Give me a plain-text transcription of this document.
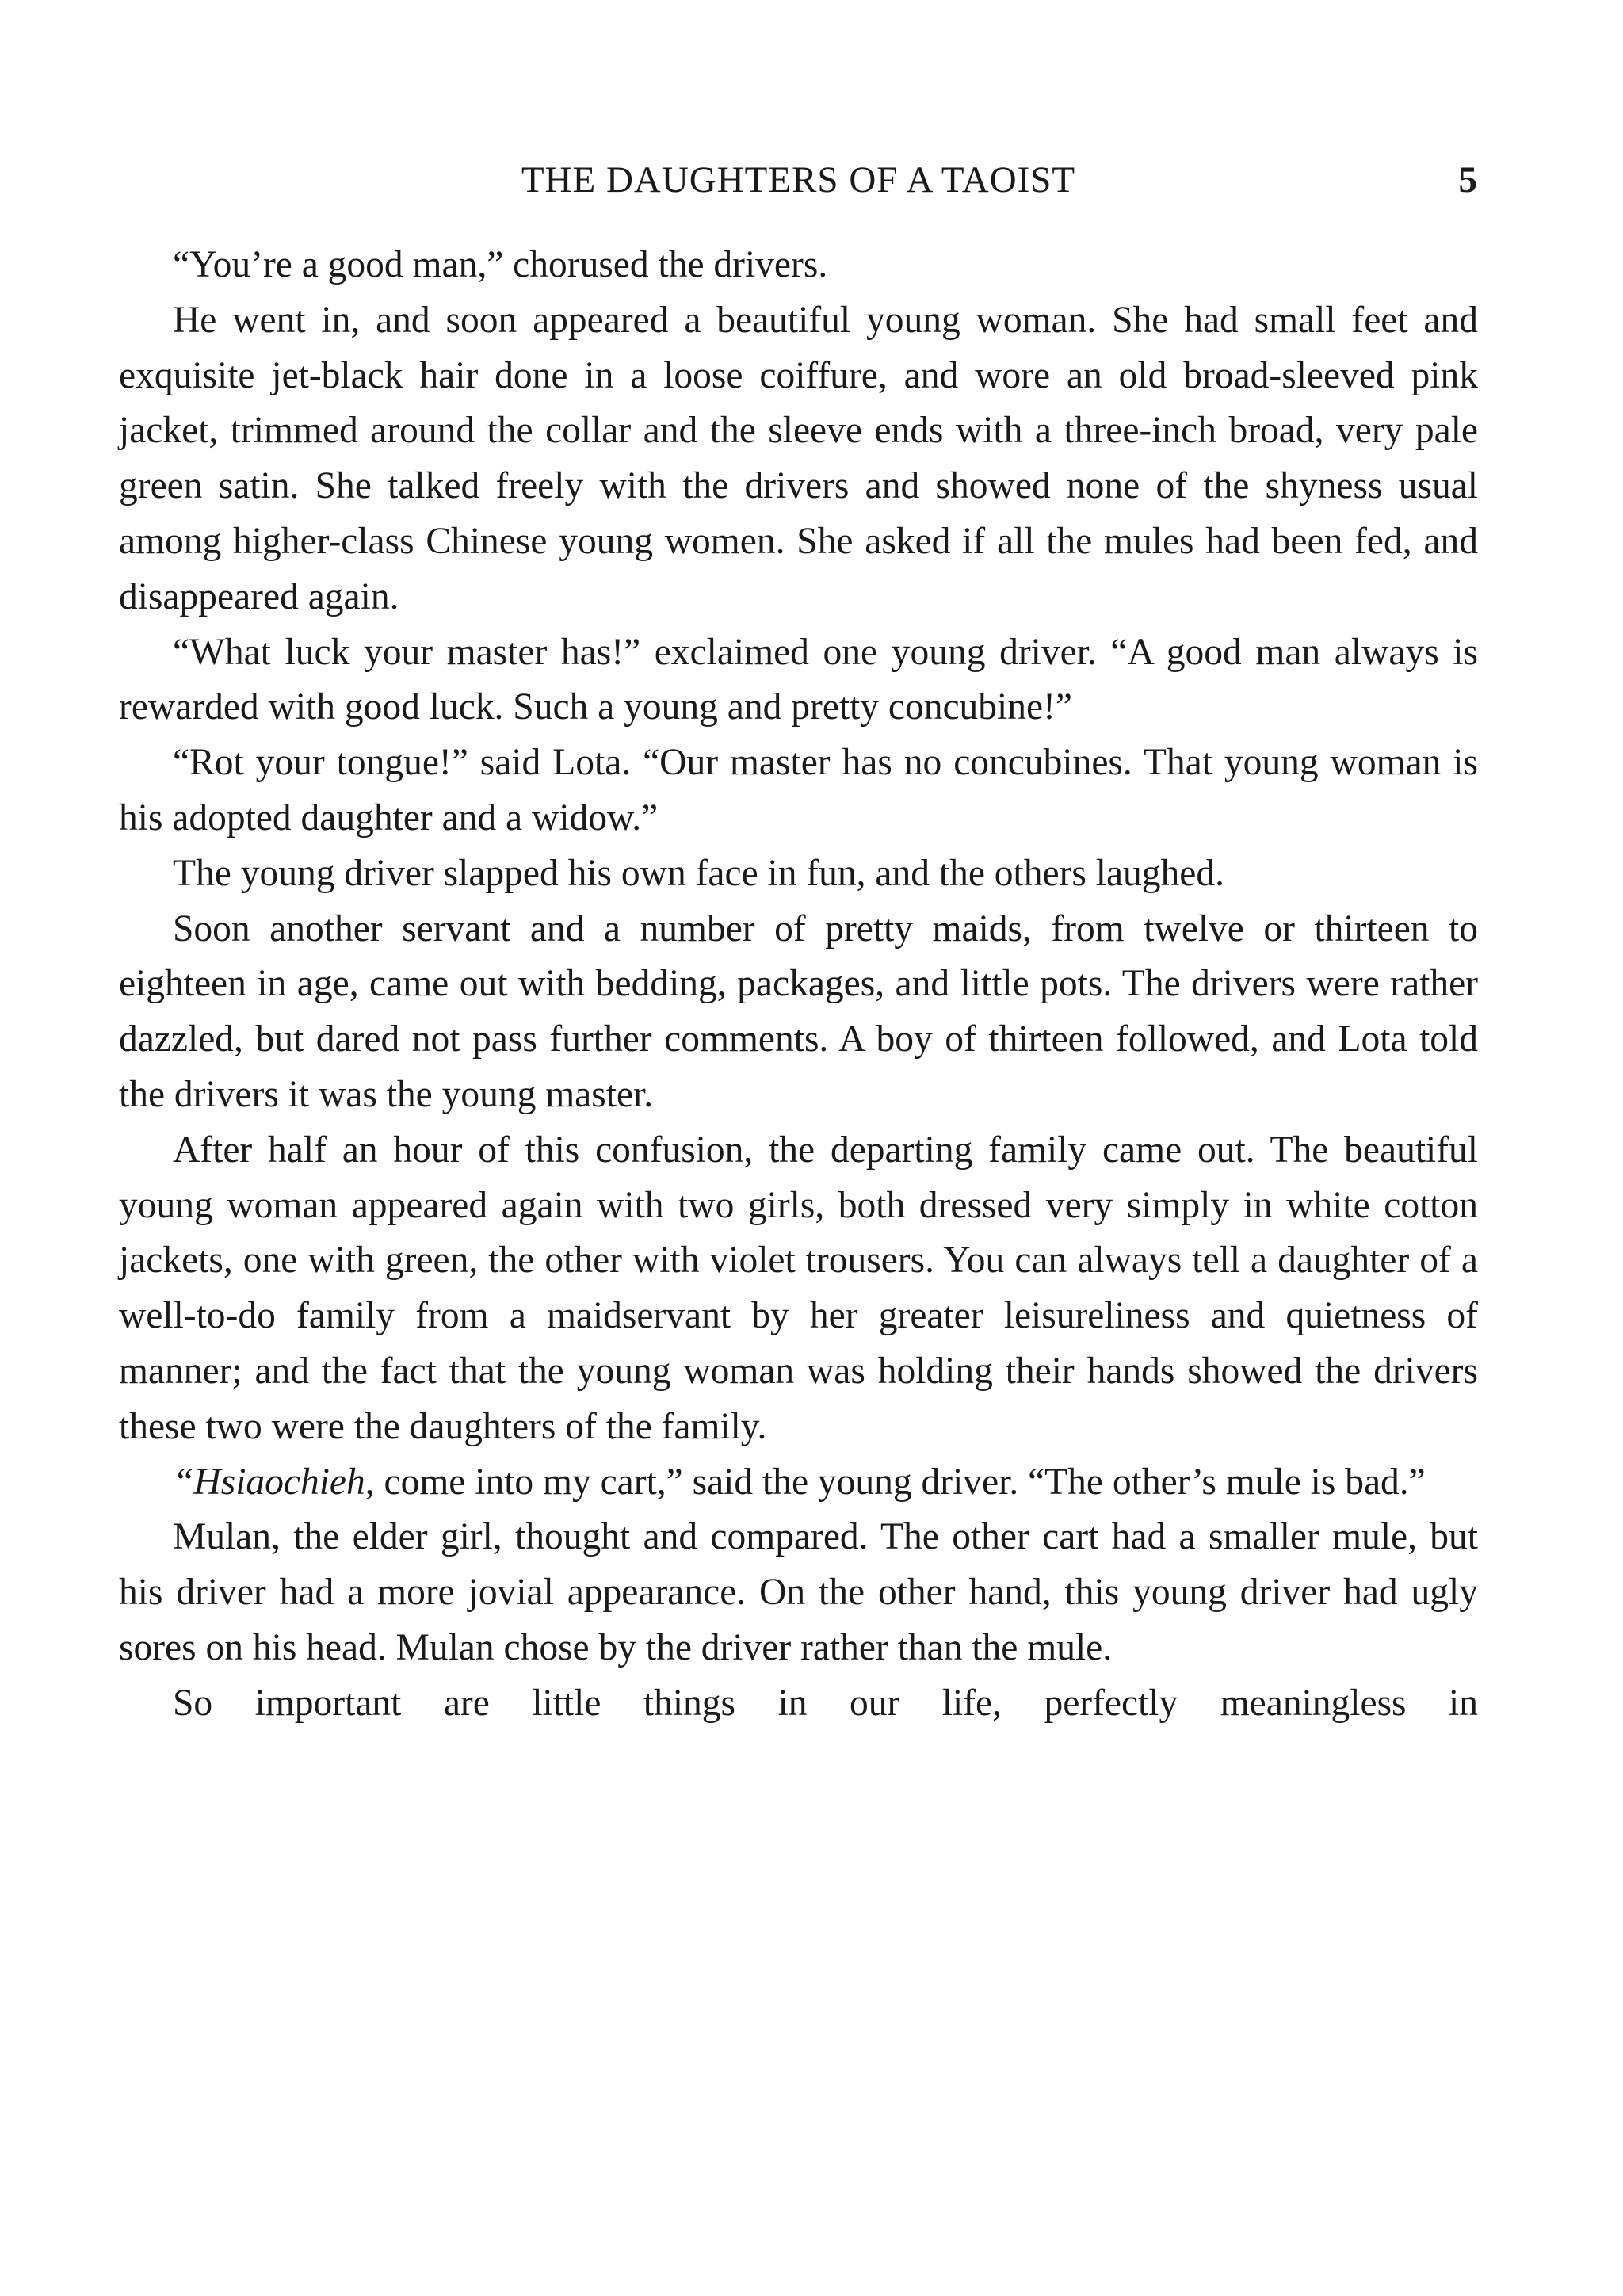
THE DAUGHTERS OF A TAOIST	5

“You’re a good man,” chorused the drivers.

He went in, and soon appeared a beautiful young woman. She had small feet and exquisite jet-black hair done in a loose coiffure, and wore an old broad-sleeved pink jacket, trimmed around the collar and the sleeve ends with a three-inch broad, very pale green satin. She talked freely with the drivers and showed none of the shyness usual among higher-class Chinese young women. She asked if all the mules had been fed, and disappeared again.

“What luck your master has!” exclaimed one young driver. “A good man always is rewarded with good luck. Such a young and pretty concubine!”

“Rot your tongue!” said Lota. “Our master has no concubines. That young woman is his adopted daughter and a widow.”

The young driver slapped his own face in fun, and the others laughed.

Soon another servant and a number of pretty maids, from twelve or thirteen to eighteen in age, came out with bedding, packages, and little pots. The drivers were rather dazzled, but dared not pass further comments. A boy of thirteen followed, and Lota told the drivers it was the young master.

After half an hour of this confusion, the departing family came out. The beautiful young woman appeared again with two girls, both dressed very simply in white cotton jackets, one with green, the other with violet trousers. You can always tell a daughter of a well-to-do family from a maidservant by her greater leisureliness and quietness of manner; and the fact that the young woman was holding their hands showed the drivers these two were the daughters of the family.

“Hsiaochieh, come into my cart,” said the young driver. “The other’s mule is bad.”

Mulan, the elder girl, thought and compared. The other cart had a smaller mule, but his driver had a more jovial appearance. On the other hand, this young driver had ugly sores on his head. Mulan chose by the driver rather than the mule.

So important are little things in our life, perfectly meaningless in
